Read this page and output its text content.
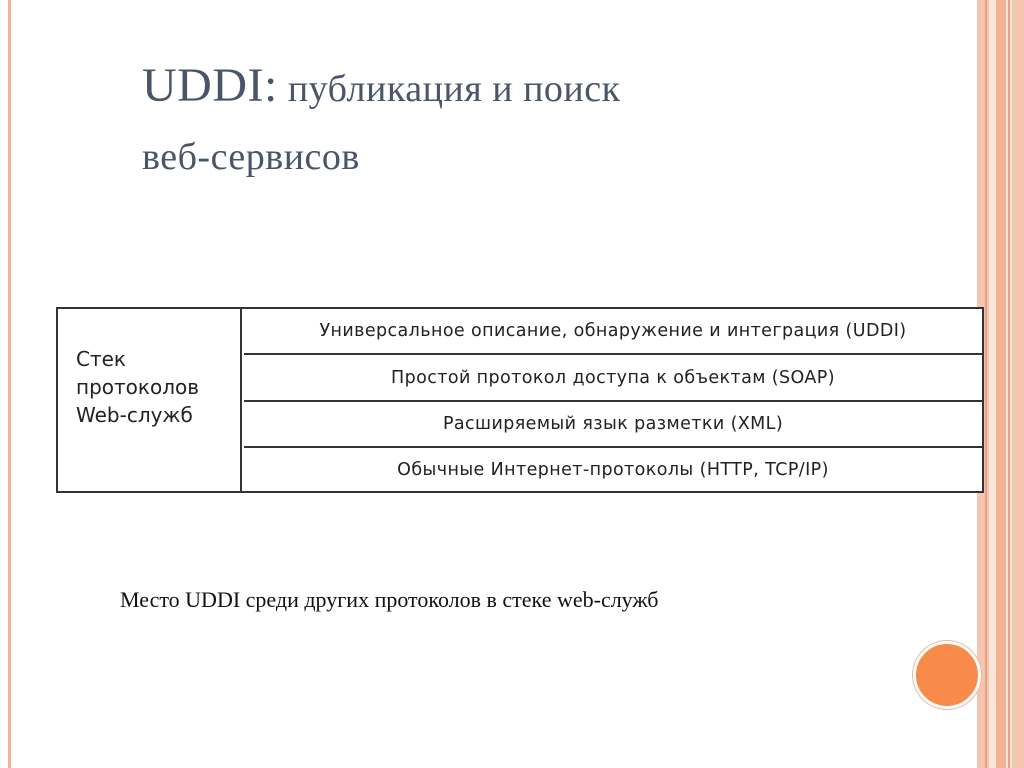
UDDI: публикация и поиск
веб-сервисов
Стек
протоколов
Web-служб
Универсальное описание, обнаружение и интеграция (UDDI)
Простой протокол доступа к объектам (SOAP)
Расширяемый язык разметки (XML)
Обычные Интернет-протоколы (HTTP, TCP/IP)
Место UDDI среди других протоколов в стеке web-служб
